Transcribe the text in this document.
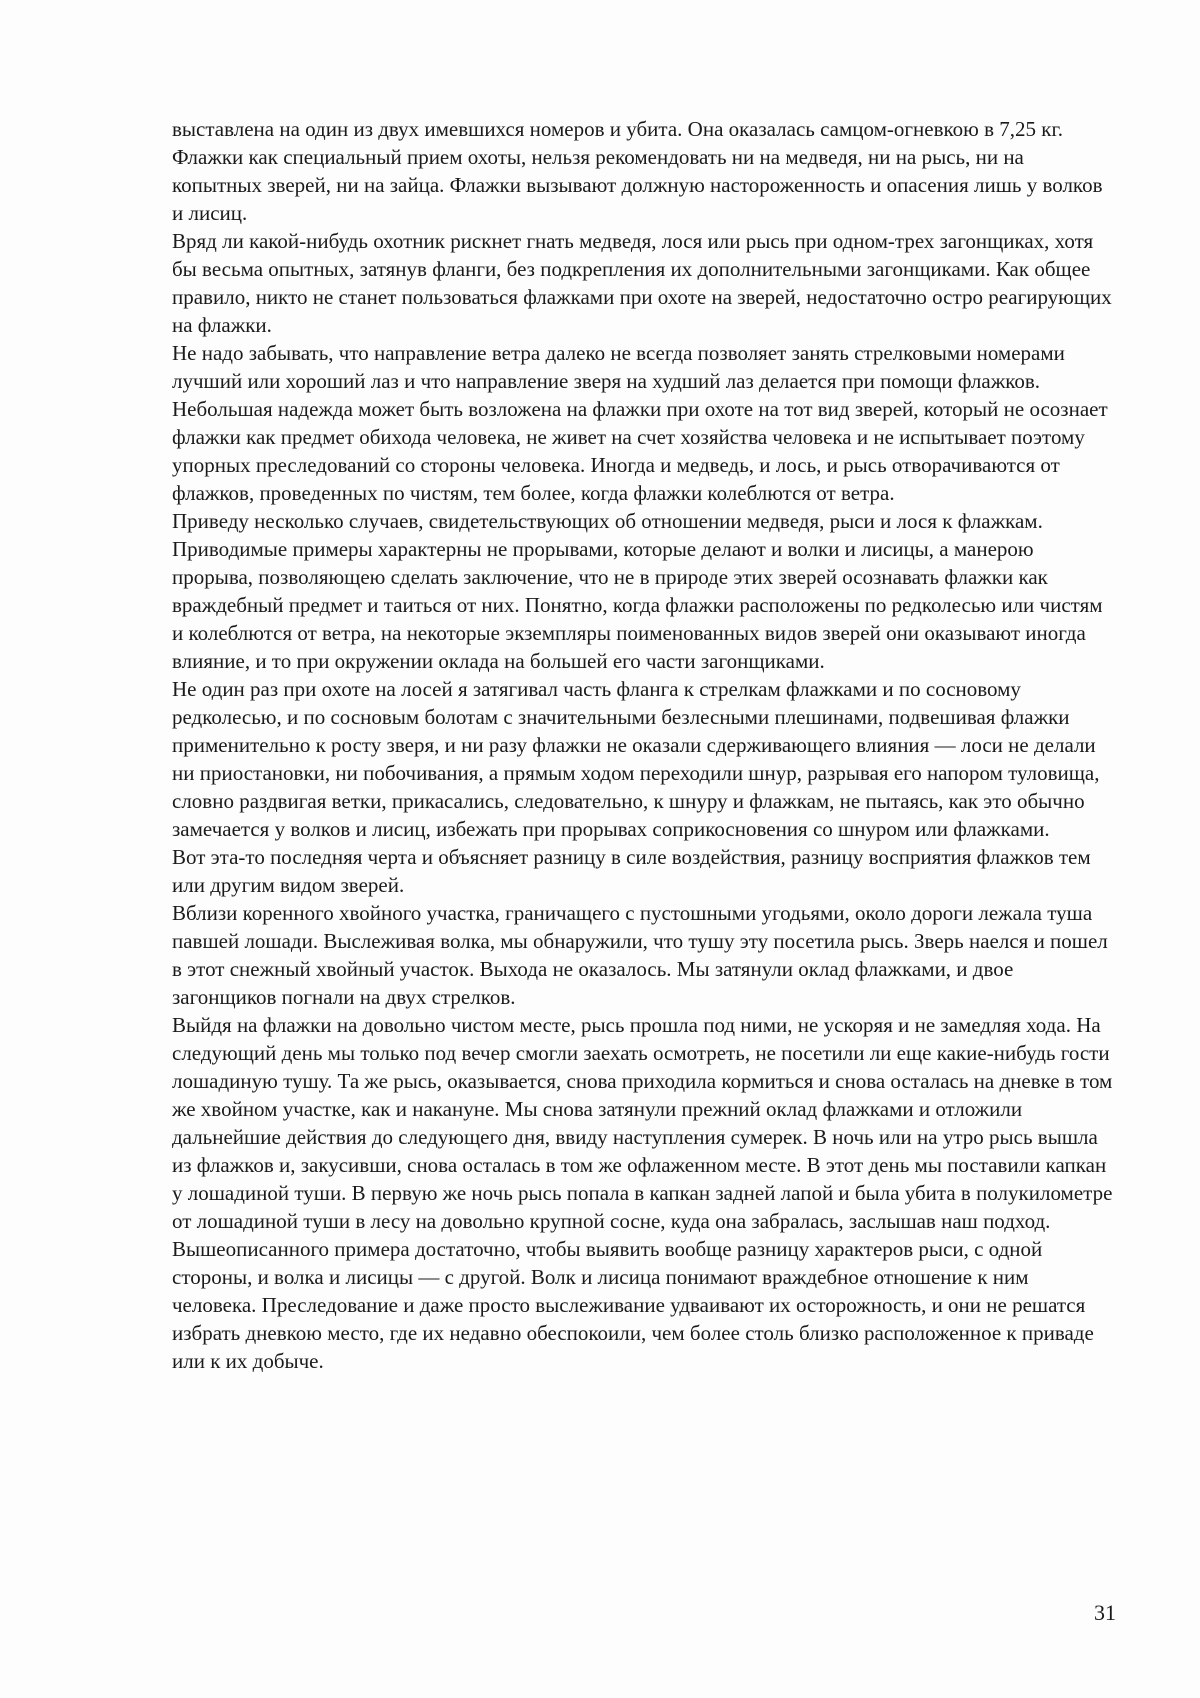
выставлена на один из двух имевшихся номеров и убита. Она оказалась самцом-огневкою в 7,25 кг.

Флажки как специальный прием охоты, нельзя рекомендовать ни на медведя, ни на рысь, ни на копытных зверей, ни на зайца. Флажки вызывают должную настороженность и опасения лишь у волков и лисиц.

Вряд ли какой-нибудь охотник рискнет гнать медведя, лося или рысь при одном-трех загонщиках, хотя бы весьма опытных, затянув фланги, без подкрепления их дополнительными загонщиками. Как общее правило, никто не станет пользоваться флажками при охоте на зверей, недостаточно остро реагирующих на флажки.

Не надо забывать, что направление ветра далеко не всегда позволяет занять стрелковыми номерами лучший или хороший лаз и что направление зверя на худший лаз делается при помощи флажков. Небольшая надежда может быть возложена на флажки при охоте на тот вид зверей, который не осознает флажки как предмет обихода человека, не живет на счет хозяйства человека и не испытывает поэтому упорных преследований со стороны человека. Иногда и медведь, и лось, и рысь отворачиваются от флажков, проведенных по чистям, тем более, когда флажки колеблются от ветра.

Приведу несколько случаев, свидетельствующих об отношении медведя, рыси и лося к флажкам. Приводимые примеры характерны не прорывами, которые делают и волки и лисицы, а манерою прорыва, позволяющею сделать заключение, что не в природе этих зверей осознавать флажки как враждебный предмет и таиться от них. Понятно, когда флажки расположены по редколесью или чистям и колеблются от ветра, на некоторые экземпляры поименованных видов зверей они оказывают иногда влияние, и то при окружении оклада на большей его части загонщиками.

Не один раз при охоте на лосей я затягивал часть фланга к стрелкам флажками и по сосновому редколесью, и по сосновым болотам с значительными безлесными плешинами, подвешивая флажки применительно к росту зверя, и ни разу флажки не оказали сдерживающего влияния — лоси не делали ни приостановки, ни побочивания, а прямым ходом переходили шнур, разрывая его напором туловища, словно раздвигая ветки, прикасались, следовательно, к шнуру и флажкам, не пытаясь, как это обычно замечается у волков и лисиц, избежать при прорывах соприкосновения со шнуром или флажками.

Вот эта-то последняя черта и объясняет разницу в силе воздействия, разницу восприятия флажков тем или другим видом зверей.

Вблизи коренного хвойного участка, граничащего с пустошными угодьями, около дороги лежала туша павшей лошади. Выслеживая волка, мы обнаружили, что тушу эту посетила рысь. Зверь наелся и пошел в этот снежный хвойный участок. Выхода не оказалось. Мы затянули оклад флажками, и двое загонщиков погнали на двух стрелков.

Выйдя на флажки на довольно чистом месте, рысь прошла под ними, не ускоряя и не замедляя хода. На следующий день мы только под вечер смогли заехать осмотреть, не посетили ли еще какие-нибудь гости лошадиную тушу. Та же рысь, оказывается, снова приходила кормиться и снова осталась на дневке в том же хвойном участке, как и накануне. Мы снова затянули прежний оклад флажками и отложили дальнейшие действия до следующего дня, ввиду наступления сумерек. В ночь или на утро рысь вышла из флажков и, закусивши, снова осталась в том же офлаженном месте. В этот день мы поставили капкан у лошадиной туши. В первую же ночь рысь попала в капкан задней лапой и была убита в полукилометре от лошадиной туши в лесу на довольно крупной сосне, куда она забралась, заслышав наш подход.

Вышеописанного примера достаточно, чтобы выявить вообще разницу характеров рыси, с одной стороны, и волка и лисицы — с другой. Волк и лисица понимают враждебное отношение к ним человека. Преследование и даже просто выслеживание удваивают их осторожность, и они не решатся избрать дневкою место, где их недавно обеспокоили, чем более столь близко расположенное к приваде или к их добыче.

31
